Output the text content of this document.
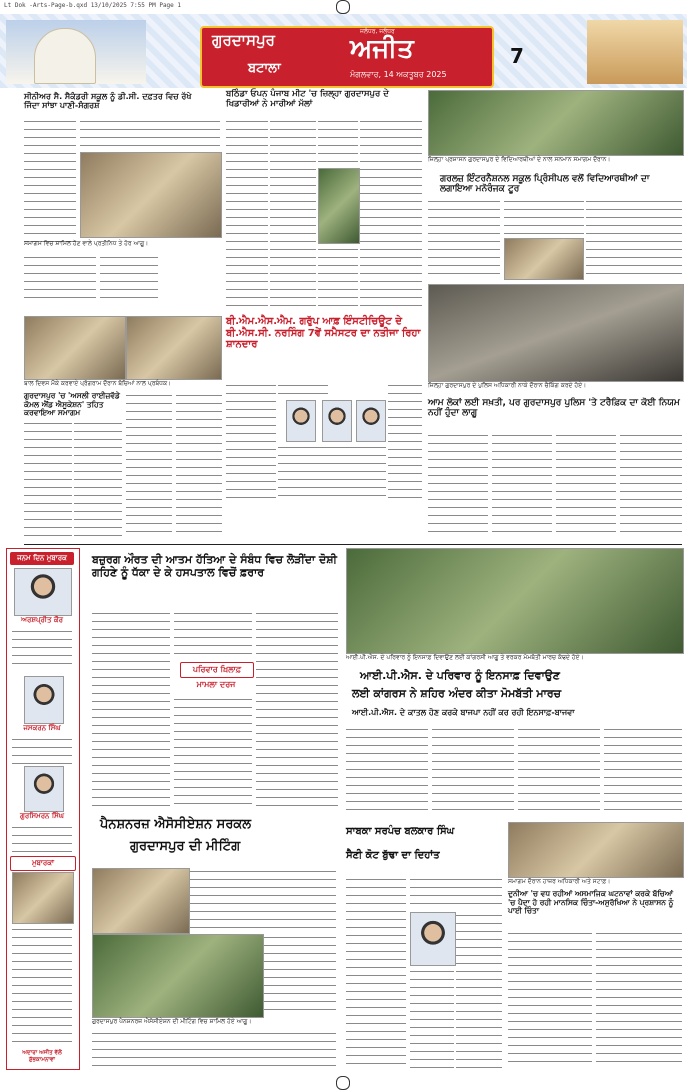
Lt Dok -Arts-Page-b.qxd 13/10/2025 7:55 PM Page 1
ਗੁਰਦਾਸਪੁਰ
ਬਟਾਲਾ
ਜਲੰਧਰ, ਜਲੰਧਰ
ਅਜੀਤ
ਮੰਗਲਵਾਰ, 14 ਅਕਤੂਬਰ 2025
7
ਸੀਨੀਅਰ ਸੈ. ਸੈਕੰਡਰੀ ਸਕੂਲ ਨੂੰ ਡੀ.ਸੀ. ਦਫ਼ਤਰ ਵਿਚ ਰੱਖੇ ਜਿੰਦਾ ਸਾਂਝਾ ਪਾਣੀ-ਸੰਗਰਸ਼
ਸਮਾਗਮ ਵਿਚ ਸ਼ਾਮਿਲ ਹੋਣ ਵਾਲੇ ਪ੍ਰਤੀਨਿਧ ਤੇ ਹੋਰ ਆਗੂ।
ਬਠਿੰਡਾ ਓਪਨ ਪੰਜਾਬ ਮੀਟ 'ਚ ਜ਼ਿਲ੍ਹਾ ਗੁਰਦਾਸਪੁਰ ਦੇ ਖਿਡਾਰੀਆਂ ਨੇ ਮਾਰੀਆਂ ਮੱਲਾਂ
ਜ਼ਿਲ੍ਹਾ ਪ੍ਰਸ਼ਾਸਨ ਗੁਰਦਾਸਪੁਰ ਦੇ ਵਿਦਿਆਰਥੀਆਂ ਦੇ ਨਾਲ ਸਨਮਾਨ ਸਮਾਗਮ ਦੌਰਾਨ।
ਗਰਲਜ਼ ਇੰਟਰਨੈਸ਼ਨਲ ਸਕੂਲ ਪ੍ਰਿੰਸੀਪਲ ਵਲੋਂ ਵਿਦਿਆਰਥੀਆਂ ਦਾ ਲਗਾਇਆ ਮਨੋਰੰਜਕ ਟੂਰ
ਬਾਲ ਦਿਵਸ ਮੌਕੇ ਕਰਵਾਏ ਪ੍ਰੋਗਰਾਮ ਦੌਰਾਨ ਬੱਚਿਆਂ ਨਾਲ ਪ੍ਰਬੰਧਕ।
ਬੀ.ਐਮ.ਐਸ.ਐਮ. ਗਰੁੱਪ ਆਫ਼ ਇੰਸਟੀਚਿਊਟ ਦੇ ਬੀ.ਐਸ.ਸੀ. ਨਰਸਿੰਗ 7ਵੇਂ ਸਮੈਸਟਰ ਦਾ ਨਤੀਜਾ ਰਿਹਾ ਸ਼ਾਨਦਾਰ
ਗੁਰਦਾਸਪੁਰ 'ਚ 'ਅਸਲੀ ਰਾਈਜ਼ਵੱਡੇ ਕੋਮਲ ਐਂਡ ਐਸੂਕੇਸ਼ਨ' ਤਹਿਤ ਕਰਵਾਇਆ ਸਮਾਗਮ
ਜ਼ਿਲ੍ਹਾ ਗੁਰਦਾਸਪੁਰ ਦੇ ਪੁਲਿਸ ਅਧਿਕਾਰੀ ਨਾਕੇ ਦੌਰਾਨ ਚੈਕਿੰਗ ਕਰਦੇ ਹੋਏ।
ਆਮ ਲੋਕਾਂ ਲਈ ਸਖ਼ਤੀ, ਪਰ ਗੁਰਦਾਸਪੁਰ ਪੁਲਿਸ 'ਤੇ ਟਰੈਫ਼ਿਕ ਦਾ ਕੋਈ ਨਿਯਮ ਨਹੀਂ ਹੁੰਦਾ ਲਾਗੂ
ਜਨਮ ਦਿਨ ਮੁਬਾਰਕ
ਅਰਸ਼ਪ੍ਰੀਤ ਕੌਰ
ਜਸਕਰਨ ਸਿੰਘ
ਗੁਰਸਿਮਰਨ ਸਿੰਘ
ਮੁਬਾਰਕਾਂ
ਅਦਾਰਾ ਅਜੀਤ ਵੱਲੋਂ ਸ਼ੁੱਭਕਾਮਨਾਵਾਂ
ਬਜ਼ੁਰਗ ਔਰਤ ਦੀ ਆਤਮ ਹੱਤਿਆ ਦੇ ਸੰਬੰਧ ਵਿਚ ਲੋੜੀਂਦਾ ਦੋਸ਼ੀ ਗਹਿਣੇ ਨੂੰ ਧੱਕਾ ਦੇ ਕੇ ਹਸਪਤਾਲ ਵਿਚੋਂ ਫ਼ਰਾਰ
ਪਰਿਵਾਰ ਖ਼ਿਲਾਫ਼
ਮਾਮਲਾ ਦਰਜ
ਆਈ.ਪੀ.ਐਸ. ਦੇ ਪਰਿਵਾਰ ਨੂੰ ਇਨਸਾਫ਼ ਦਿਵਾਉਣ ਲਈ ਕਾਂਗਰਸੀ ਆਗੂ ਤੇ ਵਰਕਰ ਮੋਮਬੱਤੀ ਮਾਰਚ ਕੱਢਦੇ ਹੋਏ।
ਆਈ.ਪੀ.ਐਸ. ਦੇ ਪਰਿਵਾਰ ਨੂੰ ਇਨਸਾਫ਼ ਦਿਵਾਉਣ
ਲਈ ਕਾਂਗਰਸ ਨੇ ਸ਼ਹਿਰ ਅੰਦਰ ਕੀਤਾ ਮੋਮਬੱਤੀ ਮਾਰਚ
ਆਈ.ਪੀ.ਐਸ. ਦੇ ਕਾਤਲ ਹੋਣ ਕਰਕੇ ਬਾਜਪਾ ਨਹੀਂ ਕਰ ਰਹੀ ਇਨਸਾਫ਼-ਬਾਜਵਾ
ਪੈਨਸ਼ਨਰਜ਼ ਐਸੋਸੀਏਸ਼ਨ ਸਰਕਲ
ਗੁਰਦਾਸਪੁਰ ਦੀ ਮੀਟਿੰਗ
ਗੁਰਦਾਸਪੁਰ ਪੈਨਸ਼ਨਰਜ਼ ਐਸੋਸੀਏਸ਼ਨ ਦੀ ਮੀਟਿੰਗ ਵਿਚ ਸ਼ਾਮਿਲ ਹੋਏ ਆਗੂ।
ਸਾਬਕਾ ਸਰਪੰਚ ਬਲਕਾਰ ਸਿੰਘ
ਸੈਣੀ ਕੋਟ ਬੁੱਢਾ ਦਾ ਦਿਹਾਂਤ
ਸਮਾਗਮ ਦੌਰਾਨ ਹਾਜ਼ਰ ਅਧਿਕਾਰੀ ਅਤੇ ਸਟਾਫ਼।
ਦੁਨੀਆ 'ਚ ਵਧ ਰਹੀਆਂ ਅਸਮਾਜਿਕ ਘਟਨਾਵਾਂ ਕਰਕੇ ਬੱਚਿਆਂ 'ਚ ਪੈਦਾ ਹੋ ਰਹੀ ਮਾਨਸਿਕ ਚਿੰਤਾ-ਅਸੁਰੱਖਿਆ ਨੇ ਪ੍ਰਸ਼ਾਸਨ ਨੂੰ ਪਾਈ ਚਿੰਤਾ
